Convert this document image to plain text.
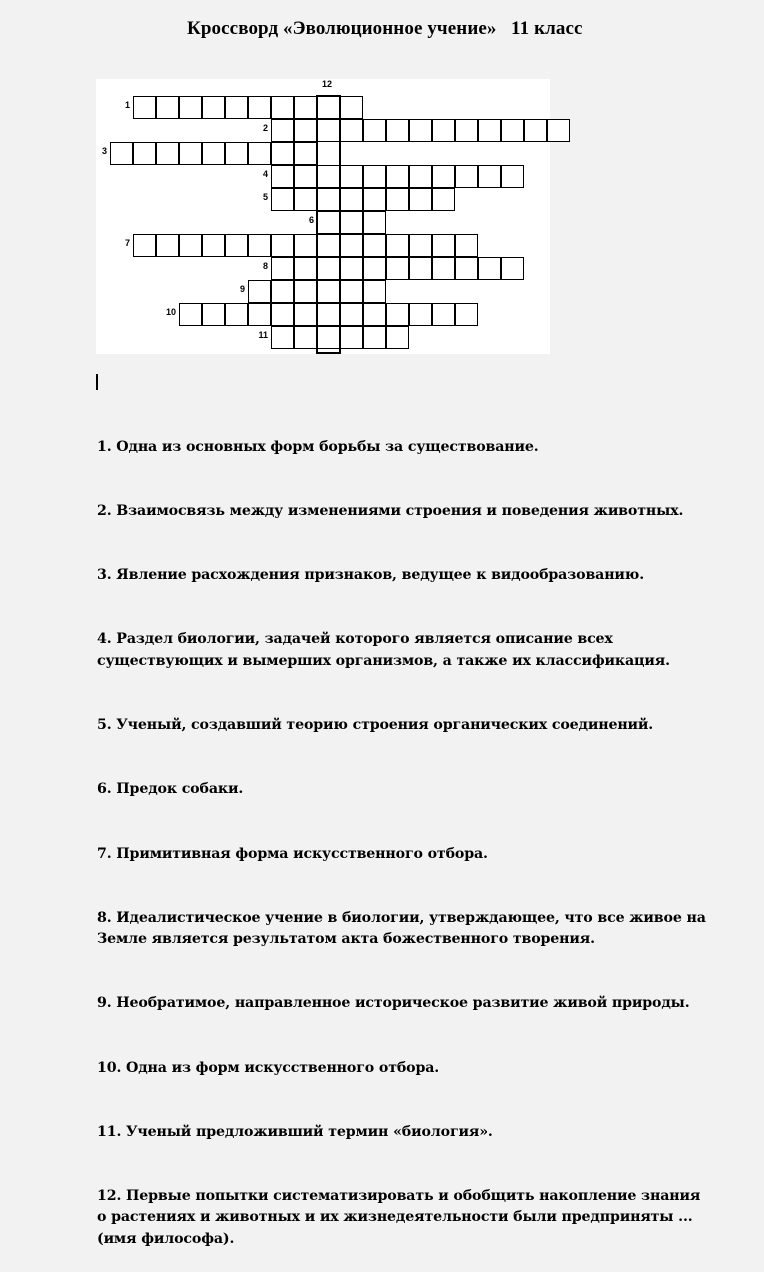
Кроссворд «Эволюционное учение»   11 класс
12
1
2
3
4
5
6
7
8
9
10
11

1. Одна из основных форм борьбы за существование.

2. Взаимосвязь между изменениями строения и поведения животных.

3. Явление расхождения признаков, ведущее к видообразованию.

4. Раздел биологии, задачей которого является описание всех
существующих и вымерших организмов, а также их классификация.

5. Ученый, создавший теорию строения органических соединений.

6. Предок собаки.

7. Примитивная форма искусственного отбора.

8. Идеалистическое учение в биологии, утверждающее, что все живое на
Земле является результатом акта божественного творения.

9. Необратимое, направленное историческое развитие живой природы.

10. Одна из форм искусственного отбора.

11. Ученый предложивший термин «биология».

12. Первые попытки систематизировать и обобщить накопление знания
о растениях и животных и их жизнедеятельности были предприняты ...
(имя философа).
